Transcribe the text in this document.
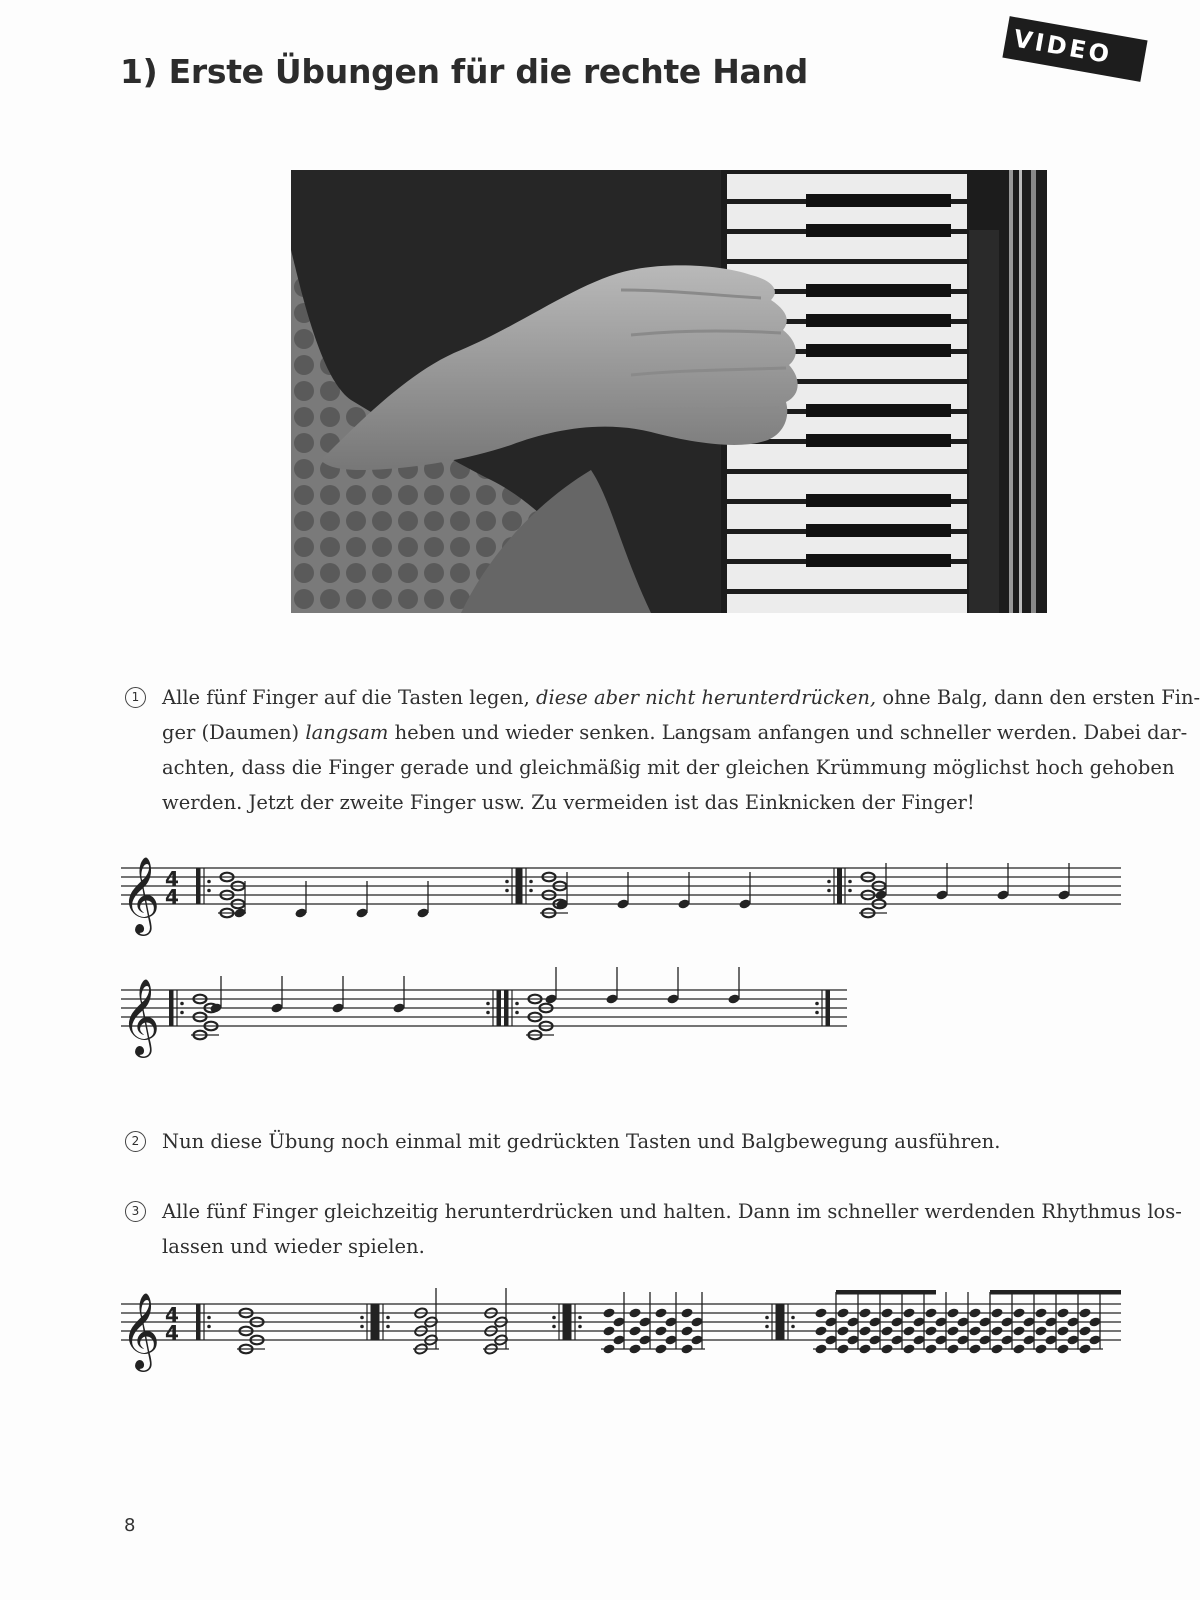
1) Erste Übungen für die rechte Hand
VIDEO
1	Alle fünf Finger auf die Tasten legen, diese aber nicht herunterdrücken, ohne Balg, dann den ersten Fin-
ger (Daumen) langsam heben und wieder senken. Langsam anfangen und schneller werden. Dabei dar-
achten, dass die Finger gerade und gleichmäßig mit der gleichen Krümmung möglichst hoch gehoben
werden. Jetzt der zweite Finger usw. Zu vermeiden ist das Einknicken der Finger!
𝄞 4
4
𝄞
2	Nun diese Übung noch einmal mit gedrückten Tasten und Balgbewegung ausführen.
3	Alle fünf Finger gleichzeitig herunterdrücken und halten. Dann im schneller werdenden Rhythmus los-
lassen und wieder spielen.
𝄞 4
4
8
